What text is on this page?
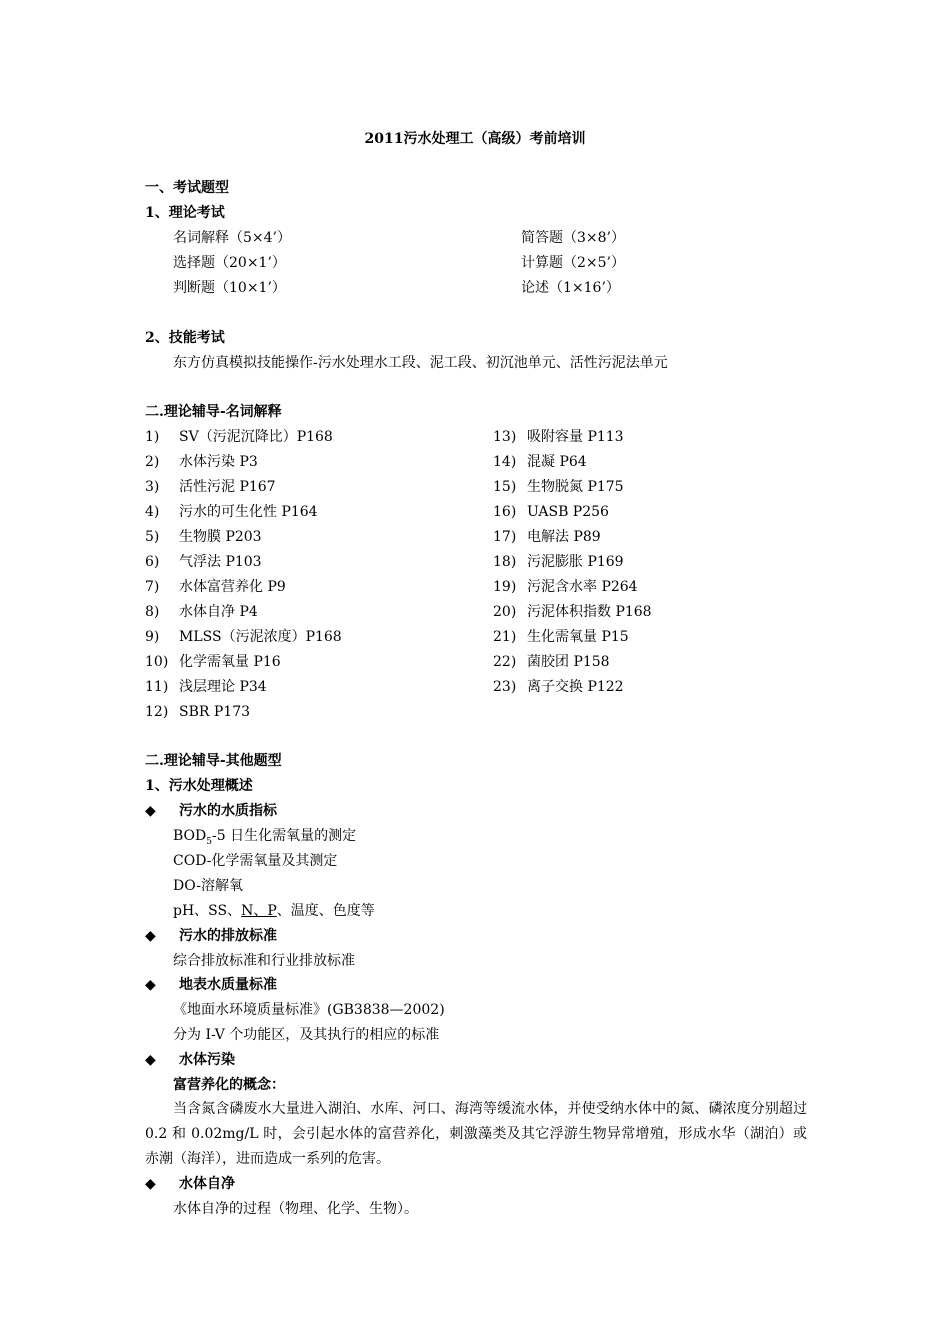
2011污水处理工（高级）考前培训
一、考试题型
1、理论考试
名词解释（5×4’）
选择题（20×1’）
判断题（10×1’）
简答题（3×8’）
计算题（2×5’）
论述（1×16’）
2、技能考试
东方仿真模拟技能操作-污水处理水工段、泥工段、初沉池单元、活性污泥法单元
二.理论辅导-名词解释
1) SV（污泥沉降比）P168
2) 水体污染 P3
3) 活性污泥 P167
4) 污水的可生化性 P164
5) 生物膜 P203
6) 气浮法 P103
7) 水体富营养化 P9
8) 水体自净 P4
9) MLSS（污泥浓度）P168
10) 化学需氧量 P16
11) 浅层理论 P34
12) SBR P173
13) 吸附容量 P113
14) 混凝 P64
15) 生物脱氮 P175
16) UASB P256
17) 电解法 P89
18) 污泥膨胀 P169
19) 污泥含水率 P264
20) 污泥体积指数 P168
21) 生化需氧量 P15
22) 菌胶团 P158
23) 离子交换 P122
二.理论辅导-其他题型
1、污水处理概述
◆ 污水的水质指标
$BOD_5-5$ 日生化需氧量的测定
COD-化学需氧量及其测定
DO-溶解氧
pH、SS、N、P、温度、色度等
◆ 污水的排放标准
综合排放标准和行业排放标准
◆ 地表水质量标准
《地面水环境质量标准》(GB3838—2002)
分为 I-V 个功能区，及其执行的相应的标准
◆ 水体污染
富营养化的概念：
当含氮含磷废水大量进入湖泊、水库、河口、海湾等缓流水体，并使受纳水体中的氮、磷浓度分别超过 0.2 和 0.02mg/L 时，会引起水体的富营养化，刺激藻类及其它浮游生物异常增殖，形成水华（湖泊）或赤潮（海洋），进而造成一系列的危害。
◆ 水体自净
水体自净的过程（物理、化学、生物）。
